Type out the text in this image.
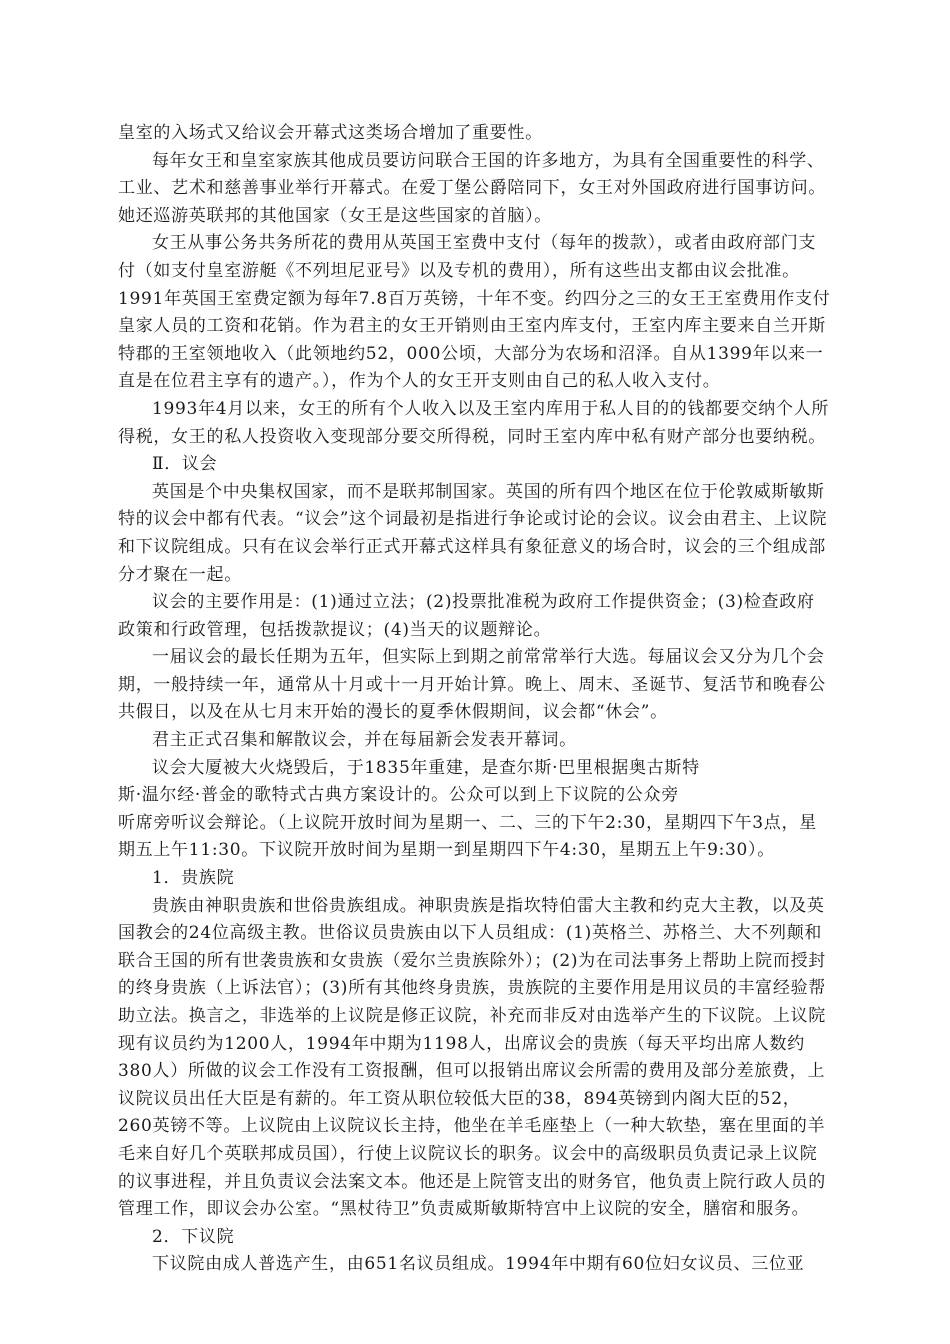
皇室的入场式又给议会开幕式这类场合增加了重要性。

每年女王和皇室家族其他成员要访问联合王国的许多地方，为具有全国重要性的科学、工业、艺术和慈善事业举行开幕式。在爱丁堡公爵陪同下，女王对外国政府进行国事访问。她还巡游英联邦的其他国家（女王是这些国家的首脑）。

女王从事公务共务所花的费用从英国王室费中支付（每年的拨款），或者由政府部门支付（如支付皇室游艇《不列坦尼亚号》以及专机的费用），所有这些出支都由议会批准。1991年英国王室费定额为每年7.8百万英镑，十年不变。约四分之三的女王王室费用作支付皇家人员的工资和花销。作为君主的女王开销则由王室内库支付，王室内库主要来自兰开斯特郡的王室领地收入（此领地约52，000公顷，大部分为农场和沼泽。自从1399年以来一直是在位君主享有的遗产。），作为个人的女王开支则由自己的私人收入支付。

1993年4月以来，女王的所有个人收入以及王室内库用于私人目的的钱都要交纳个人所得税，女王的私人投资收入变现部分要交所得税，同时王室内库中私有财产部分也要纳税。

Ⅱ．议会

英国是个中央集权国家，而不是联邦制国家。英国的所有四个地区在位于伦敦威斯敏斯特的议会中都有代表。“议会”这个词最初是指进行争论或讨论的会议。议会由君主、上议院和下议院组成。只有在议会举行正式开幕式这样具有象征意义的场合时，议会的三个组成部分才聚在一起。

议会的主要作用是：(1)通过立法；(2)投票批准税为政府工作提供资金；(3)检查政府政策和行政管理，包括拨款提议；(4)当天的议题辩论。

一届议会的最长任期为五年，但实际上到期之前常常举行大选。每届议会又分为几个会期，一般持续一年，通常从十月或十一月开始计算。晚上、周末、圣诞节、复活节和晚春公共假日，以及在从七月末开始的漫长的夏季休假期间，议会都“休会”。

君主正式召集和解散议会，并在每届新会发表开幕词。

议会大厦被大火烧毁后，于1835年重建，是查尔斯·巴里根据奥古斯特

斯·温尔经·普金的歌特式古典方案设计的。公众可以到上下议院的公众旁

听席旁听议会辩论。（上议院开放时间为星期一、二、三的下午2:30，星期四下午3点，星期五上午11:30。下议院开放时间为星期一到星期四下午4:30，星期五上午9:30）。

1．贵族院

贵族由神职贵族和世俗贵族组成。神职贵族是指坎特伯雷大主教和约克大主教，以及英国教会的24位高级主教。世俗议员贵族由以下人员组成：(1)英格兰、苏格兰、大不列颠和联合王国的所有世袭贵族和女贵族（爱尔兰贵族除外）；(2)为在司法事务上帮助上院而授封的终身贵族（上诉法官）；(3)所有其他终身贵族，贵族院的主要作用是用议员的丰富经验帮助立法。换言之，非选举的上议院是修正议院，补充而非反对由选举产生的下议院。上议院现有议员约为1200人，1994年中期为1198人，出席议会的贵族（每天平均出席人数约380人）所做的议会工作没有工资报酬，但可以报销出席议会所需的费用及部分差旅费，上议院议员出任大臣是有薪的。年工资从职位较低大臣的38，894英镑到内阁大臣的52，260英镑不等。上议院由上议院议长主持，他坐在羊毛座垫上（一种大软垫，塞在里面的羊毛来自好几个英联邦成员国），行使上议院议长的职务。议会中的高级职员负责记录上议院的议事进程，并且负责议会法案文本。他还是上院管支出的财务官，他负责上院行政人员的管理工作，即议会办公室。“黑杖待卫”负责威斯敏斯特宫中上议院的安全，膳宿和服务。

2．下议院

下议院由成人普选产生，由651名议员组成。1994年中期有60位妇女议员、三位亚
